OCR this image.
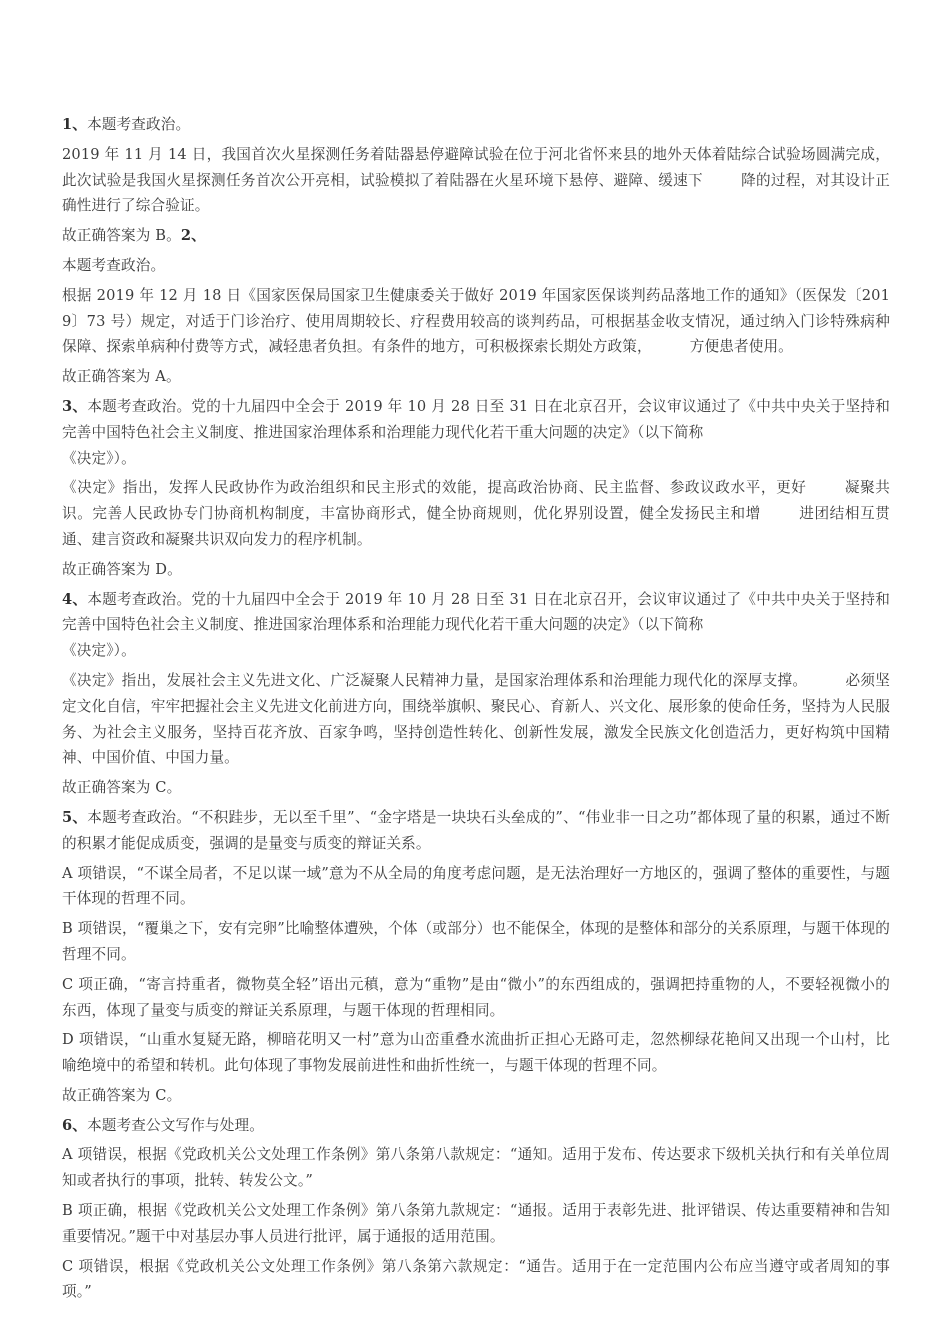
1、本题考查政治。

2019 年 11 月 14 日，我国首次火星探测任务着陆器悬停避障试验在位于河北省怀来县的地外天体着陆综合试验场圆满完成，此次试验是我国火星探测任务首次公开亮相，试验模拟了着陆器在火星环境下悬停、避障、缓速下	降的过程，对其设计正确性进行了综合验证。

故正确答案为 B。2、

本题考查政治。

根据 2019 年 12 月 18 日《国家医保局国家卫生健康委关于做好 2019 年国家医保谈判药品落地工作的通知》（医保发〔2019〕73 号）规定，对适于门诊治疗、使用周期较长、疗程费用较高的谈判药品，可根据基金收支情况，通过纳入门诊特殊病种保障、探索单病种付费等方式，减轻患者负担。有条件的地方，可积极探索长期处方政策，	方便患者使用。

故正确答案为 A。

3、本题考查政治。党的十九届四中全会于 2019 年 10 月 28 日至 31 日在北京召开，会议审议通过了《中共中央关于坚持和完善中国特色社会主义制度、推进国家治理体系和治理能力现代化若干重大问题的决定》（以下简称

《决定》）。

《决定》指出，发挥人民政协作为政治组织和民主形式的效能，提高政治协商、民主监督、参政议政水平，更好	凝聚共识。完善人民政协专门协商机构制度，丰富协商形式，健全协商规则，优化界别设置，健全发扬民主和增	进团结相互贯通、建言资政和凝聚共识双向发力的程序机制。

故正确答案为 D。

4、本题考查政治。党的十九届四中全会于 2019 年 10 月 28 日至 31 日在北京召开，会议审议通过了《中共中央关于坚持和完善中国特色社会主义制度、推进国家治理体系和治理能力现代化若干重大问题的决定》（以下简称

《决定》）。

《决定》指出，发展社会主义先进文化、广泛凝聚人民精神力量，是国家治理体系和治理能力现代化的深厚支撑。	必须坚定文化自信，牢牢把握社会主义先进文化前进方向，围绕举旗帜、聚民心、育新人、兴文化、展形象的使命任务，坚持为人民服务、为社会主义服务，坚持百花齐放、百家争鸣，坚持创造性转化、创新性发展，激发全民族文化创造活力，更好构筑中国精神、中国价值、中国力量。

故正确答案为 C。

5、本题考查政治。“不积跬步，无以至千里”、“金字塔是一块块石头垒成的”、“伟业非一日之功”都体现了量的积累，通过不断的积累才能促成质变，强调的是量变与质变的辩证关系。

A 项错误，“不谋全局者，不足以谋一域”意为不从全局的角度考虑问题，是无法治理好一方地区的，强调了整体的重要性，与题干体现的哲理不同。

B 项错误，“覆巢之下，安有完卵”比喻整体遭殃，个体（或部分）也不能保全，体现的是整体和部分的关系原理，与题干体现的哲理不同。

C 项正确，“寄言持重者，微物莫全轻”语出元稹，意为“重物”是由“微小”的东西组成的，强调把持重物的人，不要轻视微小的东西，体现了量变与质变的辩证关系原理，与题干体现的哲理相同。

D 项错误，“山重水复疑无路，柳暗花明又一村”意为山峦重叠水流曲折正担心无路可走，忽然柳绿花艳间又出现一个山村，比喻绝境中的希望和转机。此句体现了事物发展前进性和曲折性统一，与题干体现的哲理不同。

故正确答案为 C。

6、本题考查公文写作与处理。

A 项错误，根据《党政机关公文处理工作条例》第八条第八款规定：“通知。适用于发布、传达要求下级机关执行和有关单位周知或者执行的事项，批转、转发公文。”

B 项正确，根据《党政机关公文处理工作条例》第八条第九款规定：“通报。适用于表彰先进、批评错误、传达重要精神和告知重要情况。”题干中对基层办事人员进行批评，属于通报的适用范围。

C 项错误，根据《党政机关公文处理工作条例》第八条第六款规定：“通告。适用于在一定范围内公布应当遵守或者周知的事项。”
